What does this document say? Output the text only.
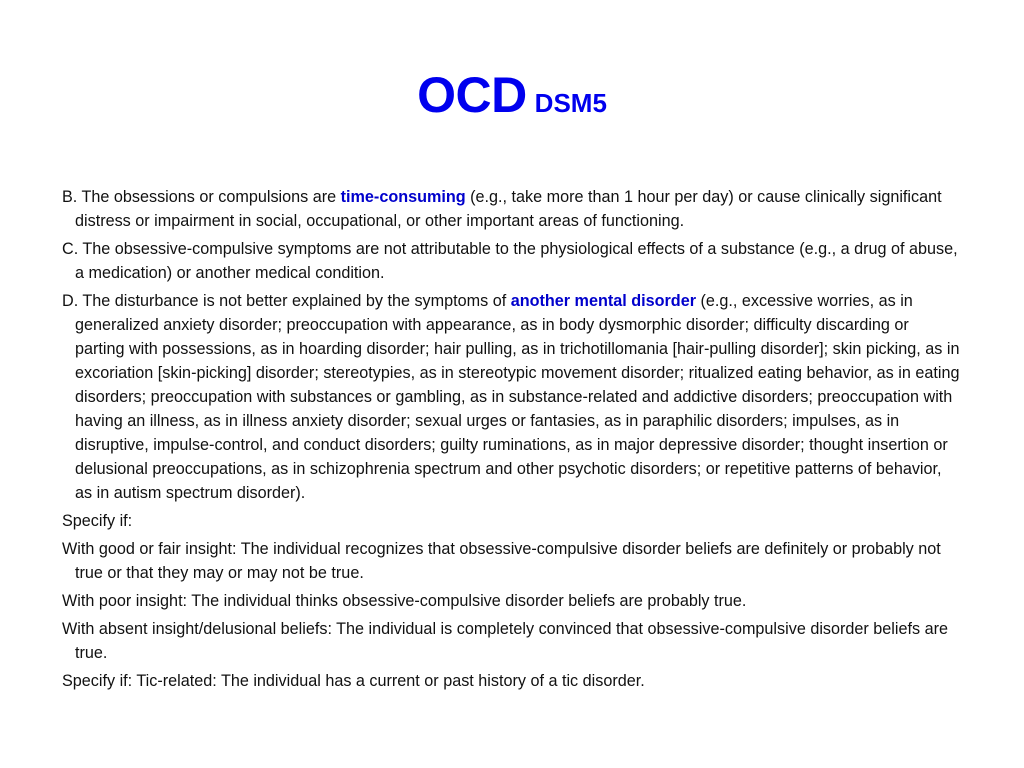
OCD DSM5

B. The obsessions or compulsions are time-consuming (e.g., take more than 1 hour per day) or cause clinically significant distress or impairment in social, occupational, or other important areas of functioning.

C. The obsessive-compulsive symptoms are not attributable to the physiological effects of a substance (e.g., a drug of abuse, a medication) or another medical condition.

D. The disturbance is not better explained by the symptoms of another mental disorder (e.g., excessive worries, as in generalized anxiety disorder; preoccupation with appearance, as in body dysmorphic disorder; difficulty discarding or parting with possessions, as in hoarding disorder; hair pulling, as in trichotillomania [hair-pulling disorder]; skin picking, as in excoriation [skin-picking] disorder; stereotypies, as in stereotypic movement disorder; ritualized eating behavior, as in eating disorders; preoccupation with substances or gambling, as in substance-related and addictive disorders; preoccupation with having an illness, as in illness anxiety disorder; sexual urges or fantasies, as in paraphilic disorders; impulses, as in disruptive, impulse-control, and conduct disorders; guilty ruminations, as in major depressive disorder; thought insertion or delusional preoccupations, as in schizophrenia spectrum and other psychotic disorders; or repetitive patterns of behavior, as in autism spectrum disorder).

Specify if:

With good or fair insight: The individual recognizes that obsessive-compulsive disorder beliefs are definitely or probably not true or that they may or may not be true.

With poor insight: The individual thinks obsessive-compulsive disorder beliefs are probably true.

With absent insight/delusional beliefs: The individual is completely convinced that obsessive-compulsive disorder beliefs are true.

Specify if: Tic-related: The individual has a current or past history of a tic disorder.
